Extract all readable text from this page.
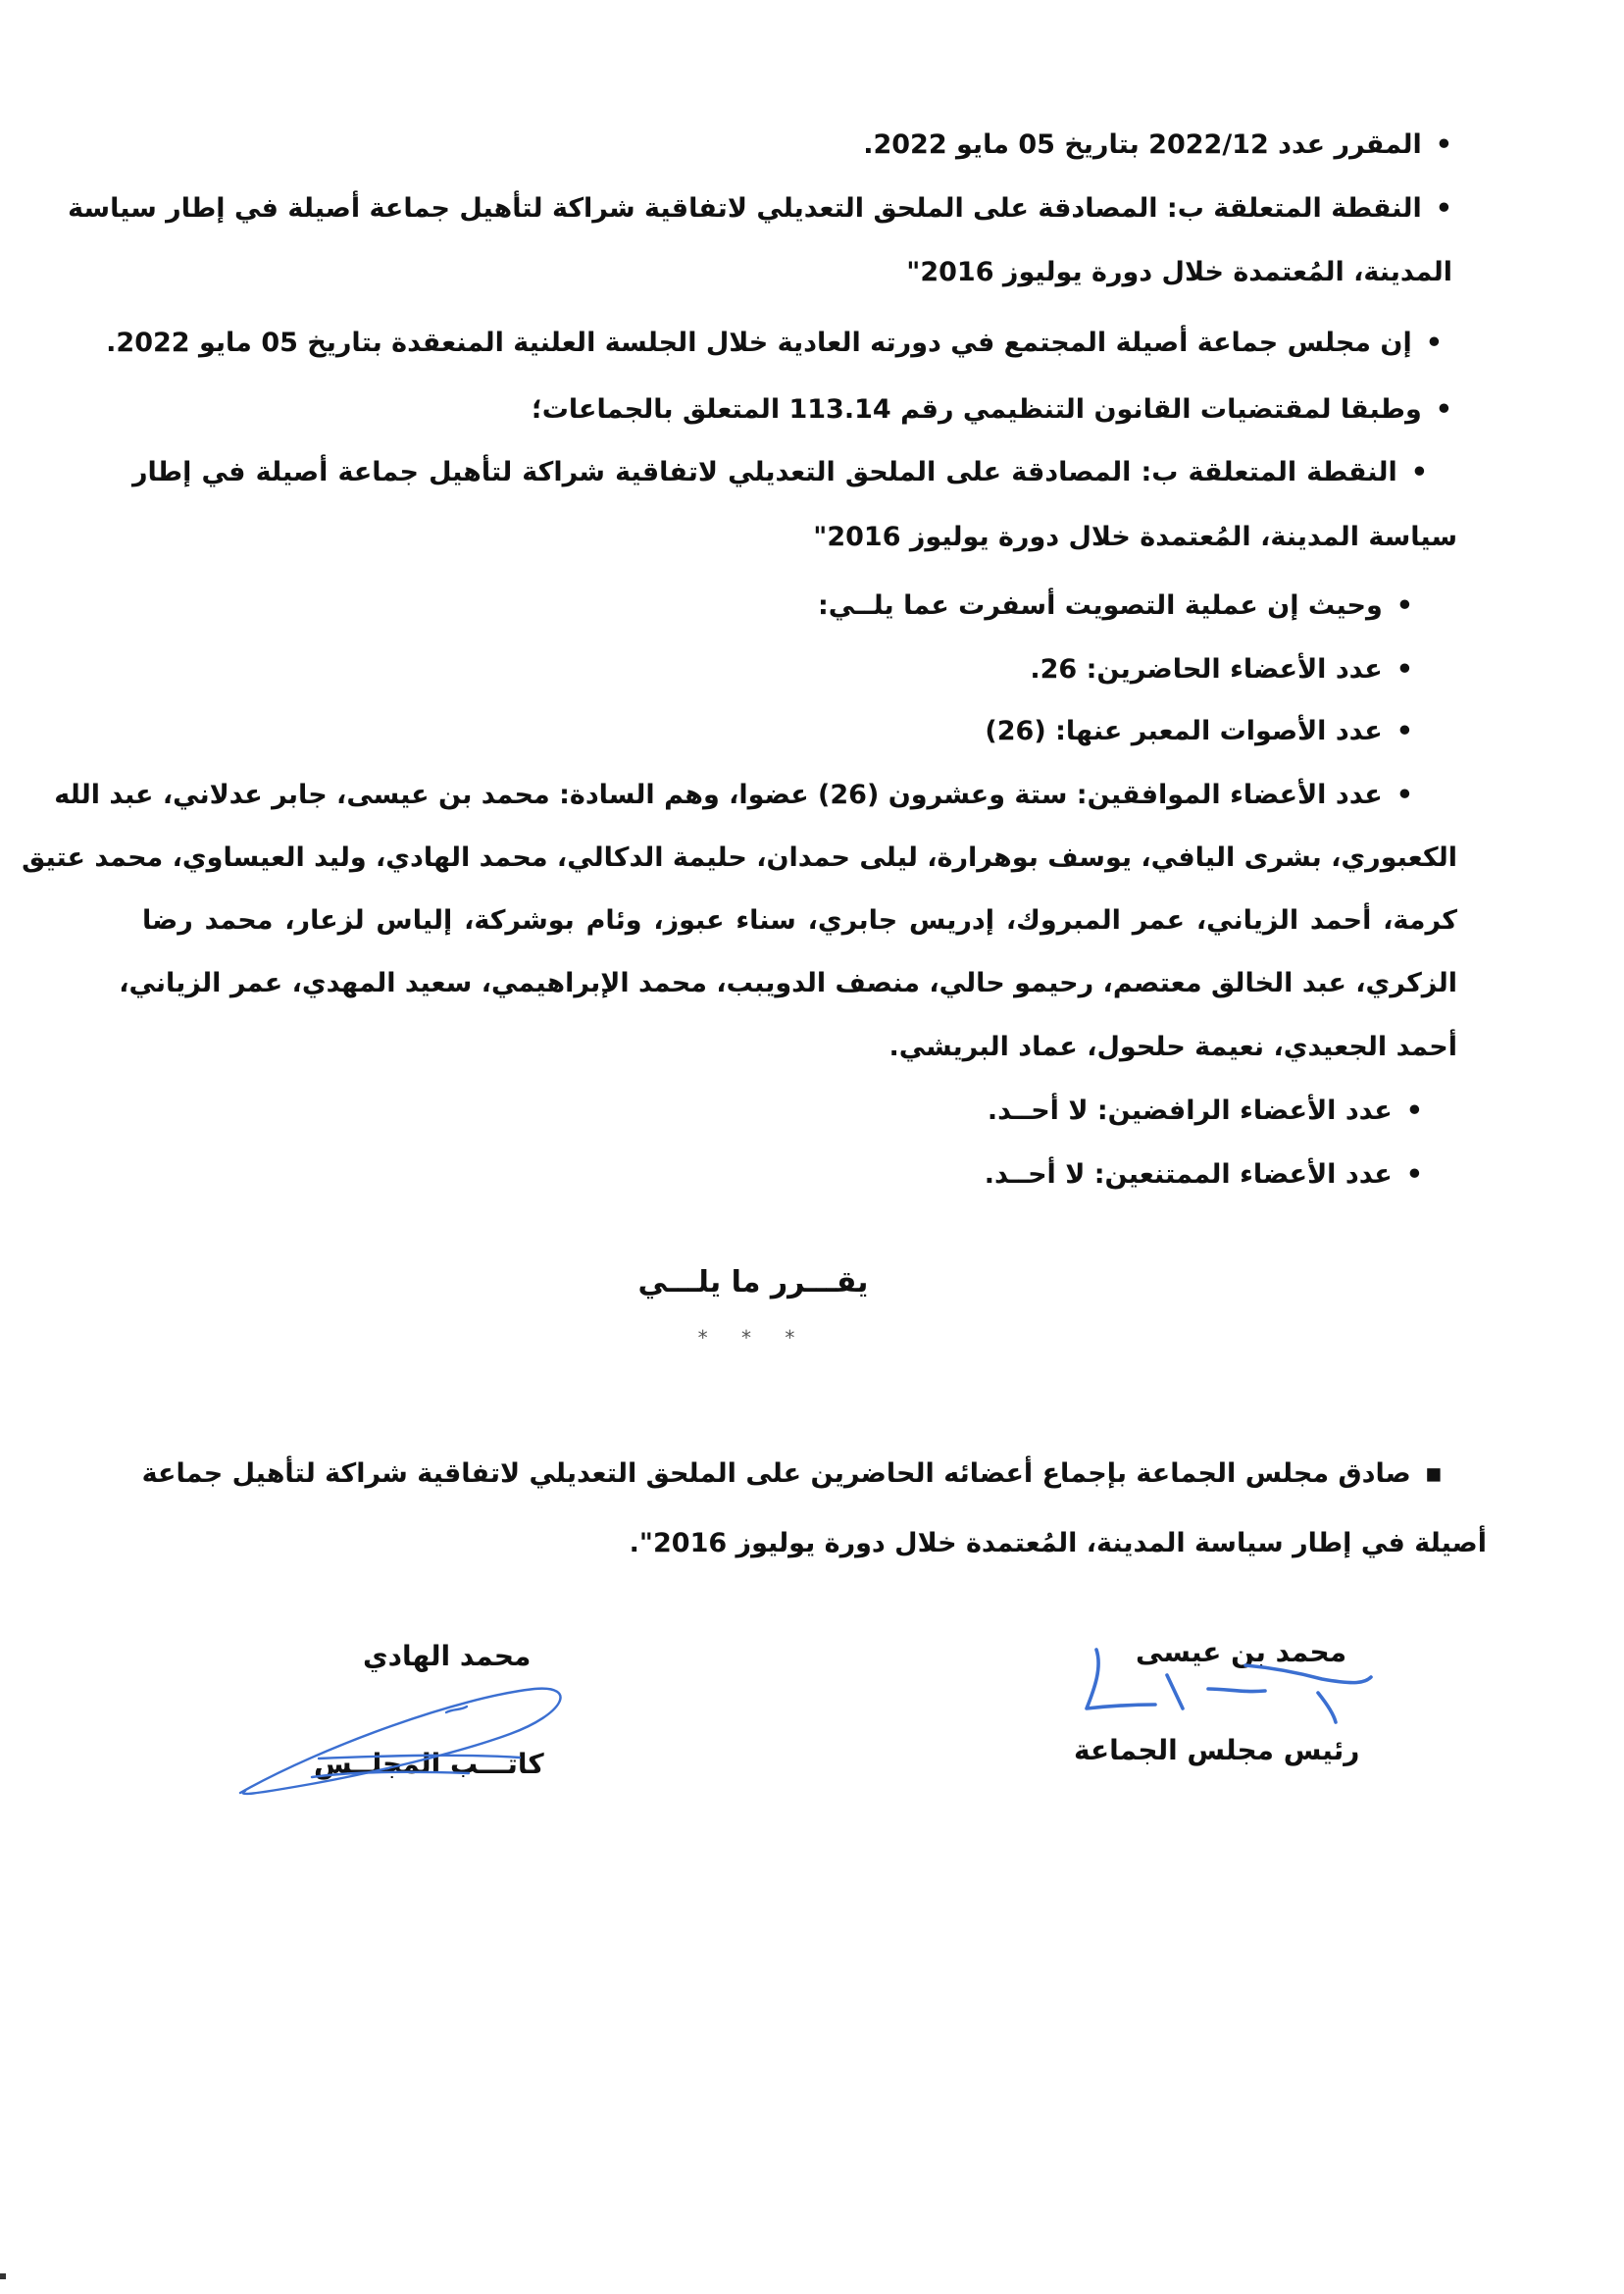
•المقرر عدد 2022/12 بتاريخ 05 مايو 2022.
•النقطة المتعلقة ب: المصادقة على الملحق التعديلي لاتفاقية شراكة لتأهيل جماعة أصيلة في إطار سياسة
المدينة، المُعتمدة خلال دورة يوليوز 2016"
•إن مجلس جماعة أصيلة المجتمع في دورته العادية خلال الجلسة العلنية المنعقدة بتاريخ 05 مايو 2022.
•وطبقا لمقتضيات القانون التنظيمي رقم 113.14 المتعلق بالجماعات؛
•النقطة المتعلقة ب: المصادقة على الملحق التعديلي لاتفاقية شراكة لتأهيل جماعة أصيلة في إطار
سياسة المدينة، المُعتمدة خلال دورة يوليوز 2016"
•وحيث إن عملية التصويت أسفرت عما يلــي:
•عدد الأعضاء الحاضرين: 26.
•عدد الأصوات المعبر عنها: (26)
•عدد الأعضاء الموافقين: ستة وعشرون (26) عضوا، وهم السادة: محمد بن عيسى، جابر عدلاني، عبد الله
الكعبوري، بشرى اليافي، يوسف بوهرارة، ليلى حمدان، حليمة الدكالي، محمد الهادي، وليد العيساوي، محمد عتيق
كرمة، أحمد الزياني، عمر المبروك، إدريس جابري، سناء عبوز، وئام بوشركة، إلياس لزعار، محمد رضا
الزكري، عبد الخالق معتصم، رحيمو حالي، منصف الدويبب، محمد الإبراهيمي، سعيد المهدي، عمر الزياني،
أحمد الجعيدي، نعيمة حلحول، عماد البريشي.
•عدد الأعضاء الرافضين: لا أحــد.
•عدد الأعضاء الممتنعين: لا أحــد.
يقـــرر ما يلـــي
* * *
▪صادق مجلس الجماعة بإجماع أعضائه الحاضرين على الملحق التعديلي لاتفاقية شراكة لتأهيل جماعة
أصيلة في إطار سياسة المدينة، المُعتمدة خلال دورة يوليوز 2016".
محمد الهادي
كاتـــب المجلــس
محمد بن عيسى
رئيس مجلس الجماعة
